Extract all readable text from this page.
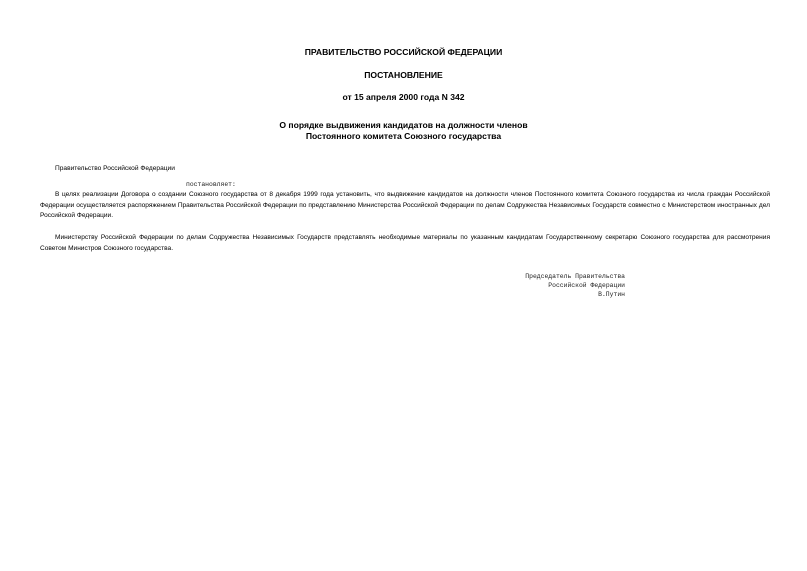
ПРАВИТЕЛЬСТВО РОССИЙСКОЙ ФЕДЕРАЦИИ
ПОСТАНОВЛЕНИЕ
от 15 апреля 2000 года N 342
О порядке выдвижения кандидатов на должности членов
Постоянного комитета Союзного государства
Правительство Российской Федерации
постановляет:
В целях реализации Договора о создании Союзного государства от 8 декабря 1999 года установить, что выдвижение кандидатов на должности членов Постоянного комитета Союзного государства из числа граждан Российской Федерации осуществляется распоряжением Правительства Российской Федерации по представлению Министерства Российской Федерации по делам Содружества Независимых Государств совместно с Министерством иностранных дел Российской Федерации.
Министерству Российской Федерации по делам Содружества Независимых Государств представлять необходимые материалы по указанным кандидатам Государственному секретарю Союзного государства для рассмотрения Советом Министров Союзного государства.
Председатель Правительства
Российской Федерации
В.Путин
